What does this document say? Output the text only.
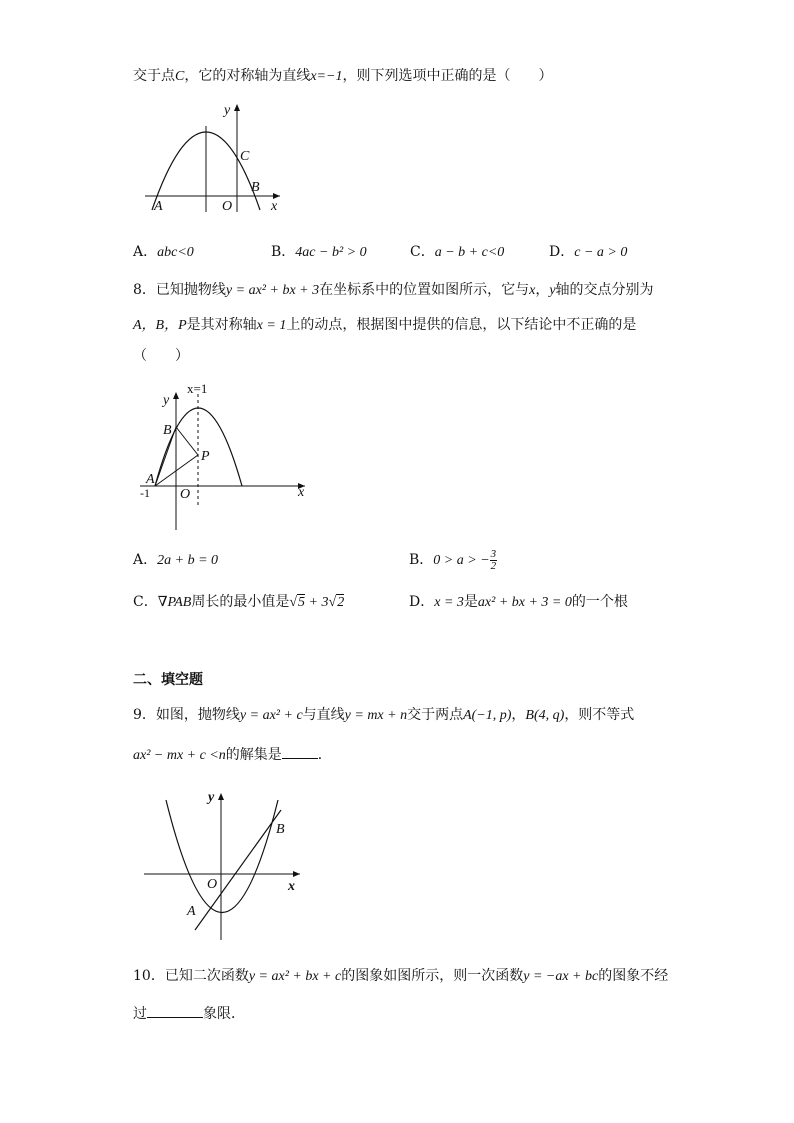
交于点C，它的对称轴为直线x=−1，则下列选项中正确的是（　　）
y
x
O
A
B
C
A．abc<0	B．4ac − b² > 0	C．a − b + c<0	D．c − a > 0
8．已知抛物线y = ax² + bx + 3在坐标系中的位置如图所示，它与x，y轴的交点分别为
A，B，P是其对称轴x = 1上的动点，根据图中提供的信息，以下结论中不正确的是
（　　）
x=1
y
x
O
A
B
P
-1
A．2a + b = 0	B．0 > a > − $\frac{3}{2}$
C．∇PAB周长的最小值是√5 + 3√2	D．x = 3是ax² + bx + 3 = 0的一个根
二、填空题
9．如图，抛物线y = ax² + c与直线y = mx + n交于两点A(−1, p)，B(4, q)，则不等式
ax² − mx + c <n的解集是	．
y
x
O
A
B
10．已知二次函数y = ax² + bx + c的图象如图所示，则一次函数y = −ax + bc的图象不经
过	象限．
